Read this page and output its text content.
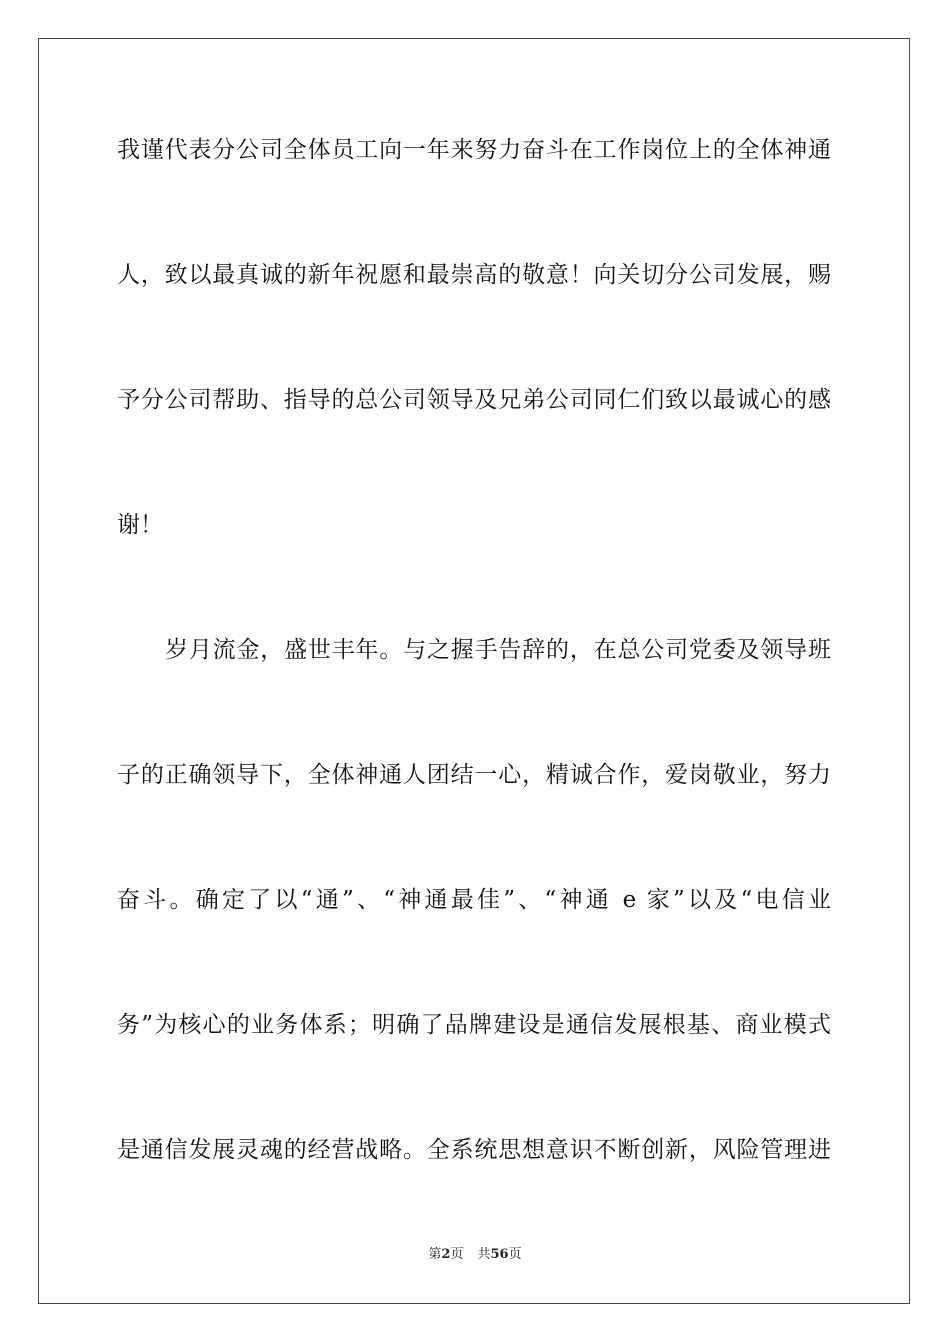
我谨代表分公司全体员工向一年来努力奋斗在工作岗位上的全体神通
人，致以最真诚的新年祝愿和最崇高的敬意！向关切分公司发展，赐
予分公司帮助、指导的总公司领导及兄弟公司同仁们致以最诚心的感
谢！
岁月流金，盛世丰年。与之握手告辞的，在总公司党委及领导班
子的正确领导下，全体神通人团结一心，精诚合作，爱岗敬业，努力
奋斗。确定了以“通”、“神通最佳”、“神通 e 家”以及“电信业
务”为核心的业务体系；明确了品牌建设是通信发展根基、商业模式
是通信发展灵魂的经营战略。全系统思想意识不断创新，风险管理进
第2页 共56页
